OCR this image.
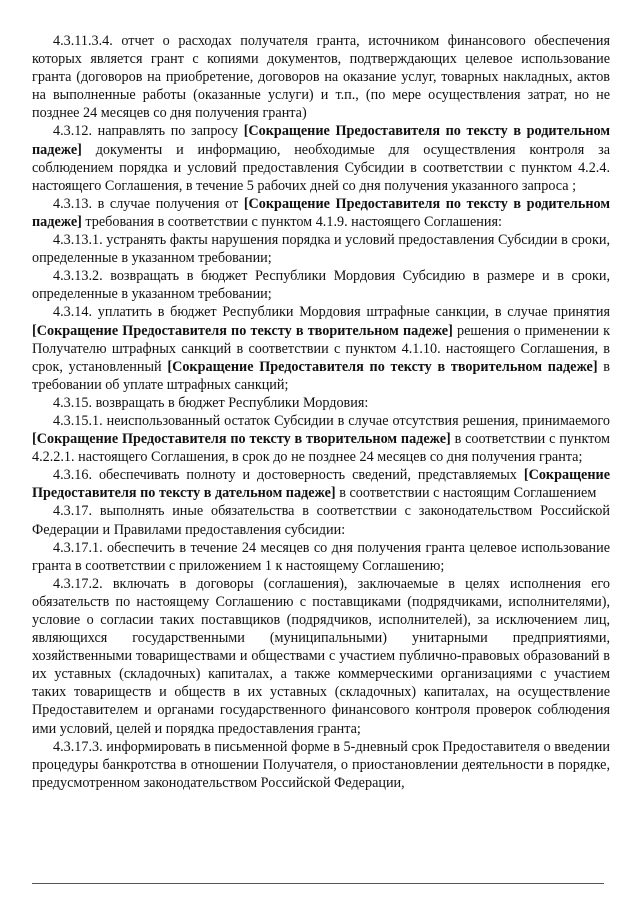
4.3.11.3.4. отчет о расходах получателя гранта, источником финансового обеспечения которых является грант с копиями документов, подтверждающих целевое использование гранта (договоров на приобретение, договоров на оказание услуг, товарных накладных, актов на выполненные работы (оказанные услуги) и т.п., (по мере осуществления затрат, но не позднее 24 месяцев со дня получения гранта)

4.3.12. направлять по запросу [Сокращение Предоставителя по тексту в родительном падеже] документы и информацию, необходимые для осуществления контроля за соблюдением порядка и условий предоставления Субсидии в соответствии с пунктом 4.2.4. настоящего Соглашения, в течение 5 рабочих дней со дня получения указанного запроса ;

4.3.13. в случае получения от [Сокращение Предоставителя по тексту в родительном падеже] требования в соответствии с пунктом 4.1.9. настоящего Соглашения:

4.3.13.1. устранять факты нарушения порядка и условий предоставления Субсидии в сроки, определенные в указанном требовании;

4.3.13.2. возвращать в бюджет Республики Мордовия Субсидию в размере и в сроки, определенные в указанном требовании;

4.3.14. уплатить в бюджет Республики Мордовия штрафные санкции, в случае принятия [Сокращение Предоставителя по тексту в творительном падеже] решения о применении к Получателю штрафных санкций в соответствии с пунктом 4.1.10. настоящего Соглашения, в срок, установленный [Сокращение Предоставителя по тексту в творительном падеже] в требовании об уплате штрафных санкций;

4.3.15. возвращать в бюджет Республики Мордовия:

4.3.15.1. неиспользованный остаток Субсидии в случае отсутствия решения, принимаемого [Сокращение Предоставителя по тексту в творительном падеже] в соответствии с пунктом 4.2.2.1. настоящего Соглашения, в срок до не позднее 24 месяцев со дня получения гранта;

4.3.16. обеспечивать полноту и достоверность сведений, представляемых [Сокращение Предоставителя по тексту в дательном падеже] в соответствии с настоящим Соглашением

4.3.17. выполнять иные обязательства в соответствии с законодательством Российской Федерации и Правилами предоставления субсидии:

4.3.17.1. обеспечить в течение 24 месяцев со дня получения гранта целевое использование гранта в соответствии с приложением 1 к настоящему Соглашению;

4.3.17.2. включать в договоры (соглашения), заключаемые в целях исполнения его обязательств по настоящему Соглашению с поставщиками (подрядчиками, исполнителями), условие о согласии таких поставщиков (подрядчиков, исполнителей), за исключением лиц, являющихся государственными (муниципальными) унитарными предприятиями, хозяйственными товариществами и обществами с участием публично-правовых образований в их уставных (складочных) капиталах, а также коммерческими организациями с участием таких товариществ и обществ в их уставных (складочных) капиталах, на осуществление Предоставителем и органами государственного финансового контроля проверок соблюдения ими условий, целей и порядка предоставления гранта;

4.3.17.3. информировать в письменной форме в 5-дневный срок Предоставителя о введении процедуры банкротства в отношении Получателя, о приостановлении деятельности в порядке, предусмотренном законодательством Российской Федерации,
